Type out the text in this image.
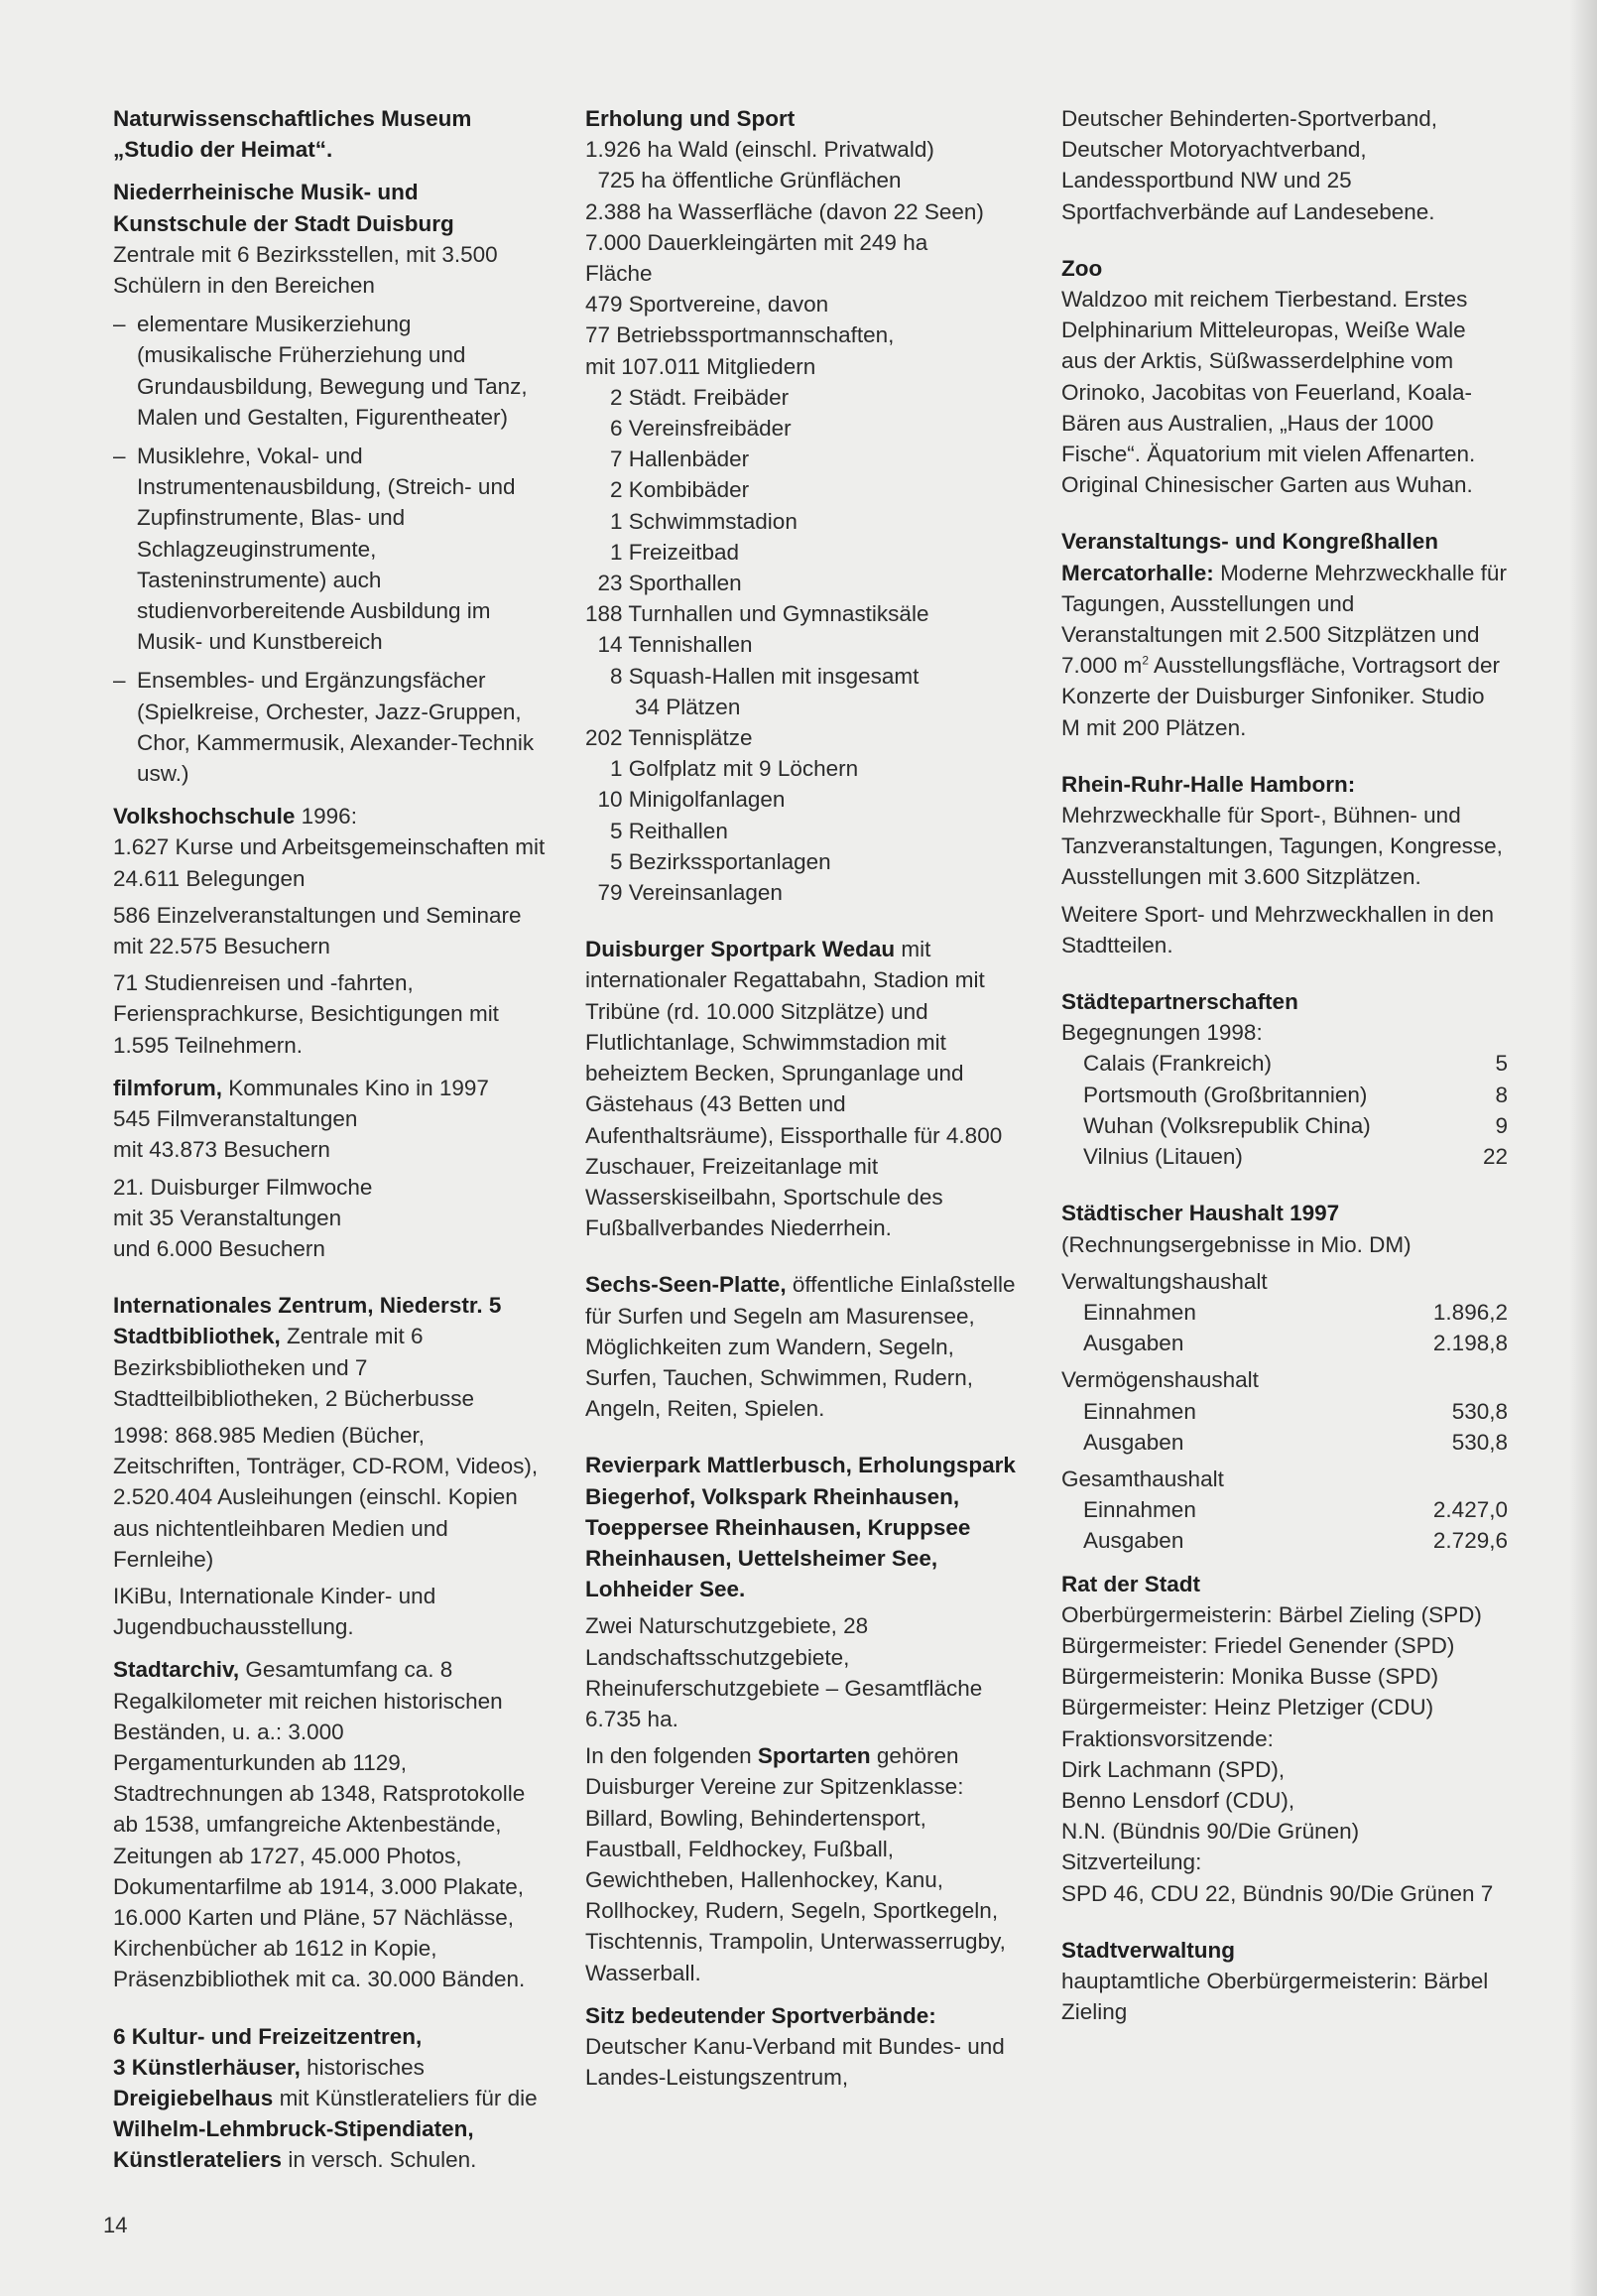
Naturwissenschaftliches Museum

„Studio der Heimat“.

Niederrheinische Musik- und

Kunstschule der Stadt Duisburg

Zentrale mit 6 Bezirksstellen, mit 3.500 Schülern in den Bereichen

– elementare Musikerziehung (musikalische Früherziehung und Grundausbildung, Bewegung und Tanz, Malen und Gestalten, Figurentheater)

– Musiklehre, Vokal- und Instrumentenausbildung, (Streich- und Zupfinstrumente, Blas- und Schlagzeuginstrumente, Tasteninstrumente) auch studienvorbereitende Ausbildung im Musik- und Kunstbereich

– Ensembles- und Ergänzungsfächer (Spielkreise, Orchester, Jazz-Gruppen, Chor, Kammermusik, Alexander-Technik usw.)

Volkshochschule 1996:

1.627 Kurse und Arbeitsgemeinschaften mit 24.611 Belegungen

586 Einzelveranstaltungen und Seminare mit 22.575 Besuchern

71 Studienreisen und -fahrten, Feriensprachkurse, Besichtigungen mit 1.595 Teilnehmern.

filmforum, Kommunales Kino in 1997

545 Filmveranstaltungen

mit 43.873 Besuchern

21. Duisburger Filmwoche

mit 35 Veranstaltungen

und 6.000 Besuchern

Internationales Zentrum, Niederstr. 5

Stadtbibliothek, Zentrale mit 6 Bezirksbibliotheken und 7 Stadtteilbibliotheken, 2 Bücherbusse

1998: 868.985 Medien (Bücher, Zeitschriften, Tonträger, CD-ROM, Videos), 2.520.404 Ausleihungen (einschl. Kopien aus nichtentleihbaren Medien und Fernleihe)

IKiBu, Internationale Kinder- und Jugendbuchausstellung.

Stadtarchiv, Gesamtumfang ca. 8 Regalkilometer mit reichen historischen Beständen, u. a.: 3.000 Pergamenturkunden ab 1129, Stadtrechnungen ab 1348, Ratsprotokolle ab 1538, umfangreiche Aktenbestände, Zeitungen ab 1727, 45.000 Photos, Dokumentarfilme ab 1914, 3.000 Plakate, 16.000 Karten und Pläne, 57 Nächlässe, Kirchenbücher ab 1612 in Kopie, Präsenzbibliothek mit ca. 30.000 Bänden.

6 Kultur- und Freizeitzentren,
3 Künstlerhäuser, historisches Dreigiebelhaus mit Künstlerateliers für die Wilhelm-Lehmbruck-Stipendiaten, Künstlerateliers in versch. Schulen.

Erholung und Sport

1.926 ha Wald (einschl. Privatwald)
725 ha öffentliche Grünflächen
2.388 ha Wasserfläche (davon 22 Seen)
7.000 Dauerkleingärten mit 249 ha
Fläche
479 Sportvereine, davon
77 Betriebssportmannschaften,
mit 107.011 Mitgliedern
2 Städt. Freibäder
6 Vereinsfreibäder
7 Hallenbäder
2 Kombibäder
1 Schwimmstadion
1 Freizeitbad
23 Sporthallen
188 Turnhallen und Gymnastiksäle
14 Tennishallen
8 Squash-Hallen mit insgesamt
34 Plätzen
202 Tennisplätze
1 Golfplatz mit 9 Löchern
10 Minigolfanlagen
5 Reithallen
5 Bezirkssportanlagen
79 Vereinsanlagen

Duisburger Sportpark Wedau mit internationaler Regattabahn, Stadion mit Tribüne (rd. 10.000 Sitzplätze) und Flutlichtanlage, Schwimmstadion mit beheiztem Becken, Sprunganlage und Gästehaus (43 Betten und Aufenthaltsräume), Eissporthalle für 4.800 Zuschauer, Freizeitanlage mit Wasserskiseilbahn, Sportschule des Fußballverbandes Niederrhein.

Sechs-Seen-Platte, öffentliche Einlaßstelle für Surfen und Segeln am Masurensee, Möglichkeiten zum Wandern, Segeln, Surfen, Tauchen, Schwimmen, Rudern, Angeln, Reiten, Spielen.

Revierpark Mattlerbusch, Erholungspark Biegerhof, Volkspark Rheinhausen, Toeppersee Rheinhausen, Kruppsee Rheinhausen, Uettelsheimer See, Lohheider See.

Zwei Naturschutzgebiete, 28 Landschaftsschutzgebiete, Rheinuferschutzgebiete – Gesamtfläche 6.735 ha.

In den folgenden Sportarten gehören Duisburger Vereine zur Spitzenklasse: Billard, Bowling, Behindertensport, Faustball, Feldhockey, Fußball, Gewichtheben, Hallenhockey, Kanu, Rollhockey, Rudern, Segeln, Sportkegeln, Tischtennis, Trampolin, Unterwasserrugby, Wasserball.

Sitz bedeutender Sportverbände:

Deutscher Kanu-Verband mit Bundes- und Landes-Leistungszentrum,

Deutscher Behinderten-Sportverband, Deutscher Motoryachtverband, Landessportbund NW und 25 Sportfachverbände auf Landesebene.

Zoo

Waldzoo mit reichem Tierbestand. Erstes Delphinarium Mitteleuropas, Weiße Wale aus der Arktis, Süßwasserdelphine vom Orinoko, Jacobitas von Feuerland, Koala-Bären aus Australien, „Haus der 1000 Fische“. Äquatorium mit vielen Affenarten. Original Chinesischer Garten aus Wuhan.

Veranstaltungs- und Kongreßhallen

Mercatorhalle: Moderne Mehrzweckhalle für Tagungen, Ausstellungen und Veranstaltungen mit 2.500 Sitzplätzen und 7.000 $m^2$ Ausstellungsfläche, Vortragsort der Konzerte der Duisburger Sinfoniker. Studio M mit 200 Plätzen.

Rhein-Ruhr-Halle Hamborn:

Mehrzweckhalle für Sport-, Bühnen- und Tanzveranstaltungen, Tagungen, Kongresse, Ausstellungen mit 3.600 Sitzplätzen.

Weitere Sport- und Mehrzweckhallen in den Stadtteilen.

Städtepartnerschaften

Begegnungen 1998:

Calais (Frankreich)	5
Portsmouth (Großbritannien)	8
Wuhan (Volksrepublik China)	9
Vilnius (Litauen)	22

Städtischer Haushalt 1997

(Rechnungsergebnisse in Mio. DM)

Verwaltungshaushalt

Einnahmen	1.896,2
Ausgaben	2.198,8

Vermögenshaushalt

Einnahmen	530,8
Ausgaben	530,8

Gesamthaushalt

Einnahmen	2.427,0
Ausgaben	2.729,6

Rat der Stadt

Oberbürgermeisterin: Bärbel Zieling (SPD)

Bürgermeister: Friedel Genender (SPD)

Bürgermeisterin: Monika Busse (SPD)

Bürgermeister: Heinz Pletziger (CDU)

Fraktionsvorsitzende:

Dirk Lachmann (SPD),

Benno Lensdorf (CDU),

N.N. (Bündnis 90/Die Grünen)

Sitzverteilung:

SPD 46, CDU 22, Bündnis 90/Die Grünen 7

Stadtverwaltung

hauptamtliche Oberbürgermeisterin: Bärbel Zieling

14
